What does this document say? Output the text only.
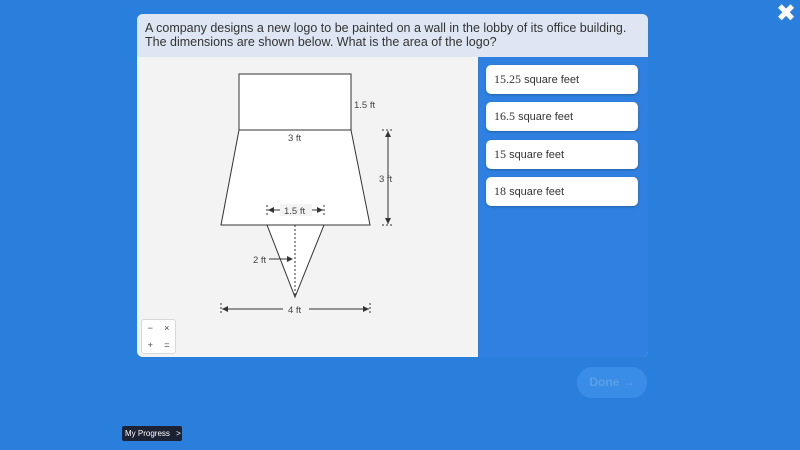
✖
A company designs a new logo to be painted on a wall in the lobby of its office building.
The dimensions are shown below. What is the area of the logo?
1.5 ft
3 ft
3 ft
1.5 ft
2 ft
4 ft
−	×
+	=
15.25 square feet
16.5 square feet
15 square feet
18 square feet
Done →
My Progress >
